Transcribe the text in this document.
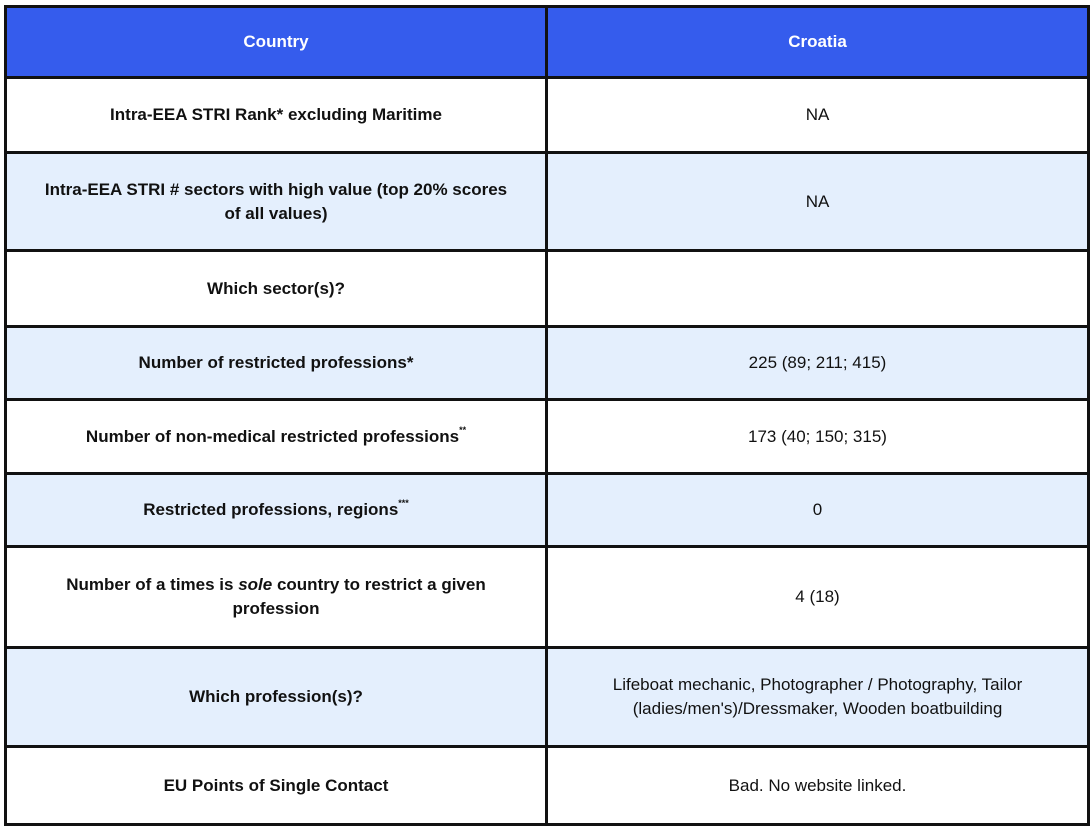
Country	Croatia
Intra-EEA STRI Rank* excluding Maritime	NA
Intra-EEA STRI # sectors with high value (top 20% scores of all values)	NA
Which sector(s)?	
Number of restricted professions*	225 (89; 211; 415)
Number of non-medical restricted professions**	173 (40; 150; 315)
Restricted professions, regions***	0
Number of a times is sole country to restrict a given profession	4 (18)
Which profession(s)?	Lifeboat mechanic, Photographer / Photography, Tailor (ladies/men's)/Dressmaker, Wooden boatbuilding
EU Points of Single Contact	Bad. No website linked.
